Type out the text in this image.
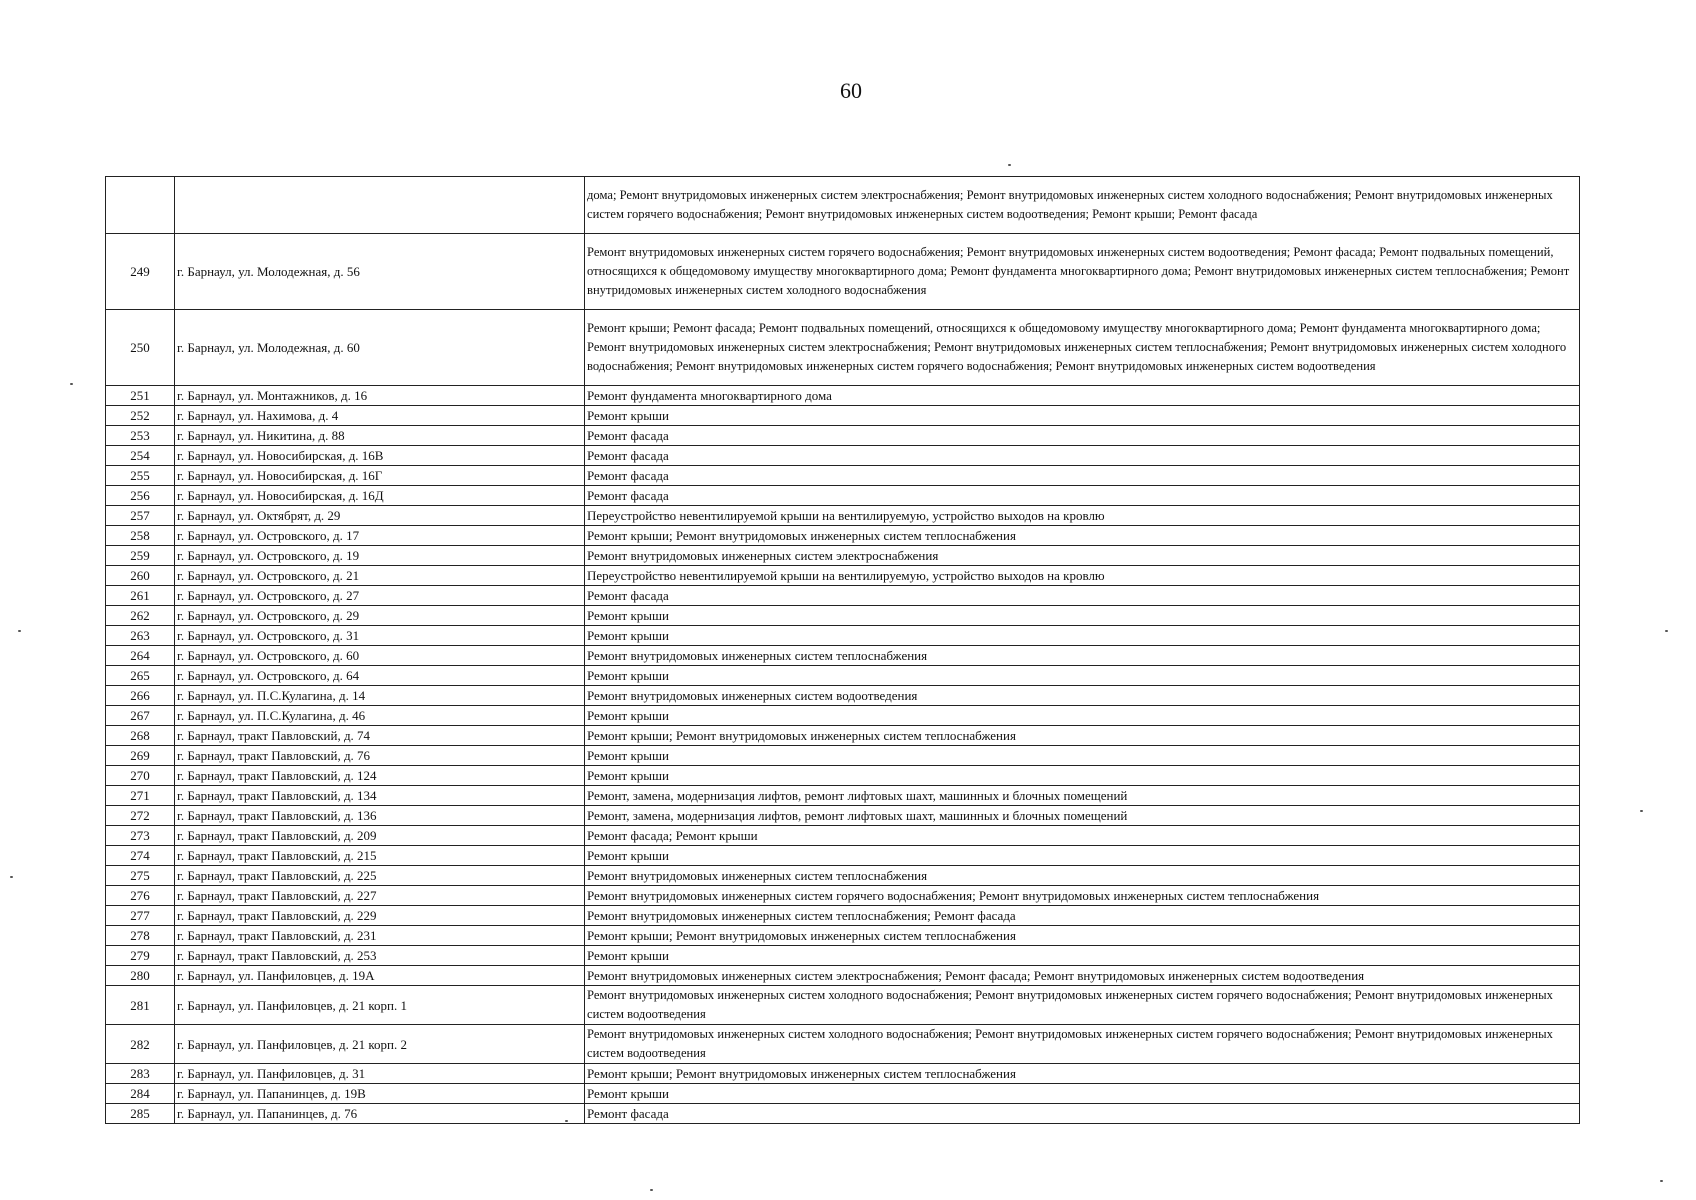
60
		дома; Ремонт внутридомовых инженерных систем электроснабжения; Ремонт внутридомовых инженерных систем холодного водоснабжения; Ремонт внутридомовых инженерных систем горячего водоснабжения; Ремонт внутридомовых инженерных систем водоотведения; Ремонт крыши; Ремонт фасада
249	г. Барнаул, ул. Молодежная, д. 56	Ремонт внутридомовых инженерных систем горячего водоснабжения; Ремонт внутридомовых инженерных систем водоотведения; Ремонт фасада; Ремонт подвальных помещений, относящихся к общедомовому имуществу многоквартирного дома; Ремонт фундамента многоквартирного дома; Ремонт внутридомовых инженерных систем теплоснабжения; Ремонт внутридомовых инженерных систем холодного водоснабжения
250	г. Барнаул, ул. Молодежная, д. 60	Ремонт крыши; Ремонт фасада; Ремонт подвальных помещений, относящихся к общедомовому имуществу многоквартирного дома; Ремонт фундамента многоквартирного дома; Ремонт внутридомовых инженерных систем электроснабжения; Ремонт внутридомовых инженерных систем теплоснабжения; Ремонт внутридомовых инженерных систем холодного водоснабжения; Ремонт внутридомовых инженерных систем горячего водоснабжения; Ремонт внутридомовых инженерных систем водоотведения
251	г. Барнаул, ул. Монтажников, д. 16	Ремонт фундамента многоквартирного дома
252	г. Барнаул, ул. Нахимова, д. 4	Ремонт крыши
253	г. Барнаул, ул. Никитина, д. 88	Ремонт фасада
254	г. Барнаул, ул. Новосибирская, д. 16В	Ремонт фасада
255	г. Барнаул, ул. Новосибирская, д. 16Г	Ремонт фасада
256	г. Барнаул, ул. Новосибирская, д. 16Д	Ремонт фасада
257	г. Барнаул, ул. Октябрят, д. 29	Переустройство невентилируемой крыши на вентилируемую, устройство выходов на кровлю
258	г. Барнаул, ул. Островского, д. 17	Ремонт крыши; Ремонт внутридомовых инженерных систем теплоснабжения
259	г. Барнаул, ул. Островского, д. 19	Ремонт внутридомовых инженерных систем электроснабжения
260	г. Барнаул, ул. Островского, д. 21	Переустройство невентилируемой крыши на вентилируемую, устройство выходов на кровлю
261	г. Барнаул, ул. Островского, д. 27	Ремонт фасада
262	г. Барнаул, ул. Островского, д. 29	Ремонт крыши
263	г. Барнаул, ул. Островского, д. 31	Ремонт крыши
264	г. Барнаул, ул. Островского, д. 60	Ремонт внутридомовых инженерных систем теплоснабжения
265	г. Барнаул, ул. Островского, д. 64	Ремонт крыши
266	г. Барнаул, ул. П.С.Кулагина, д. 14	Ремонт внутридомовых инженерных систем водоотведения
267	г. Барнаул, ул. П.С.Кулагина, д. 46	Ремонт крыши
268	г. Барнаул, тракт Павловский, д. 74	Ремонт крыши; Ремонт внутридомовых инженерных систем теплоснабжения
269	г. Барнаул, тракт Павловский, д. 76	Ремонт крыши
270	г. Барнаул, тракт Павловский, д. 124	Ремонт крыши
271	г. Барнаул, тракт Павловский, д. 134	Ремонт, замена, модернизация лифтов, ремонт лифтовых шахт, машинных и блочных помещений
272	г. Барнаул, тракт Павловский, д. 136	Ремонт, замена, модернизация лифтов, ремонт лифтовых шахт, машинных и блочных помещений
273	г. Барнаул, тракт Павловский, д. 209	Ремонт фасада; Ремонт крыши
274	г. Барнаул, тракт Павловский, д. 215	Ремонт крыши
275	г. Барнаул, тракт Павловский, д. 225	Ремонт внутридомовых инженерных систем теплоснабжения
276	г. Барнаул, тракт Павловский, д. 227	Ремонт внутридомовых инженерных систем горячего водоснабжения; Ремонт внутридомовых инженерных систем теплоснабжения
277	г. Барнаул, тракт Павловский, д. 229	Ремонт внутридомовых инженерных систем теплоснабжения; Ремонт фасада
278	г. Барнаул, тракт Павловский, д. 231	Ремонт крыши; Ремонт внутридомовых инженерных систем теплоснабжения
279	г. Барнаул, тракт Павловский, д. 253	Ремонт крыши
280	г. Барнаул, ул. Панфиловцев, д. 19А	Ремонт внутридомовых инженерных систем электроснабжения; Ремонт фасада; Ремонт внутридомовых инженерных систем водоотведения
281	г. Барнаул, ул. Панфиловцев, д. 21 корп. 1	Ремонт внутридомовых инженерных систем холодного водоснабжения; Ремонт внутридомовых инженерных систем горячего водоснабжения; Ремонт внутридомовых инженерных систем водоотведения
282	г. Барнаул, ул. Панфиловцев, д. 21 корп. 2	Ремонт внутридомовых инженерных систем холодного водоснабжения; Ремонт внутридомовых инженерных систем горячего водоснабжения; Ремонт внутридомовых инженерных систем водоотведения
283	г. Барнаул, ул. Панфиловцев, д. 31	Ремонт крыши; Ремонт внутридомовых инженерных систем теплоснабжения
284	г. Барнаул, ул. Папанинцев, д. 19В	Ремонт крыши
285	г. Барнаул, ул. Папанинцев, д. 76	Ремонт фасада
